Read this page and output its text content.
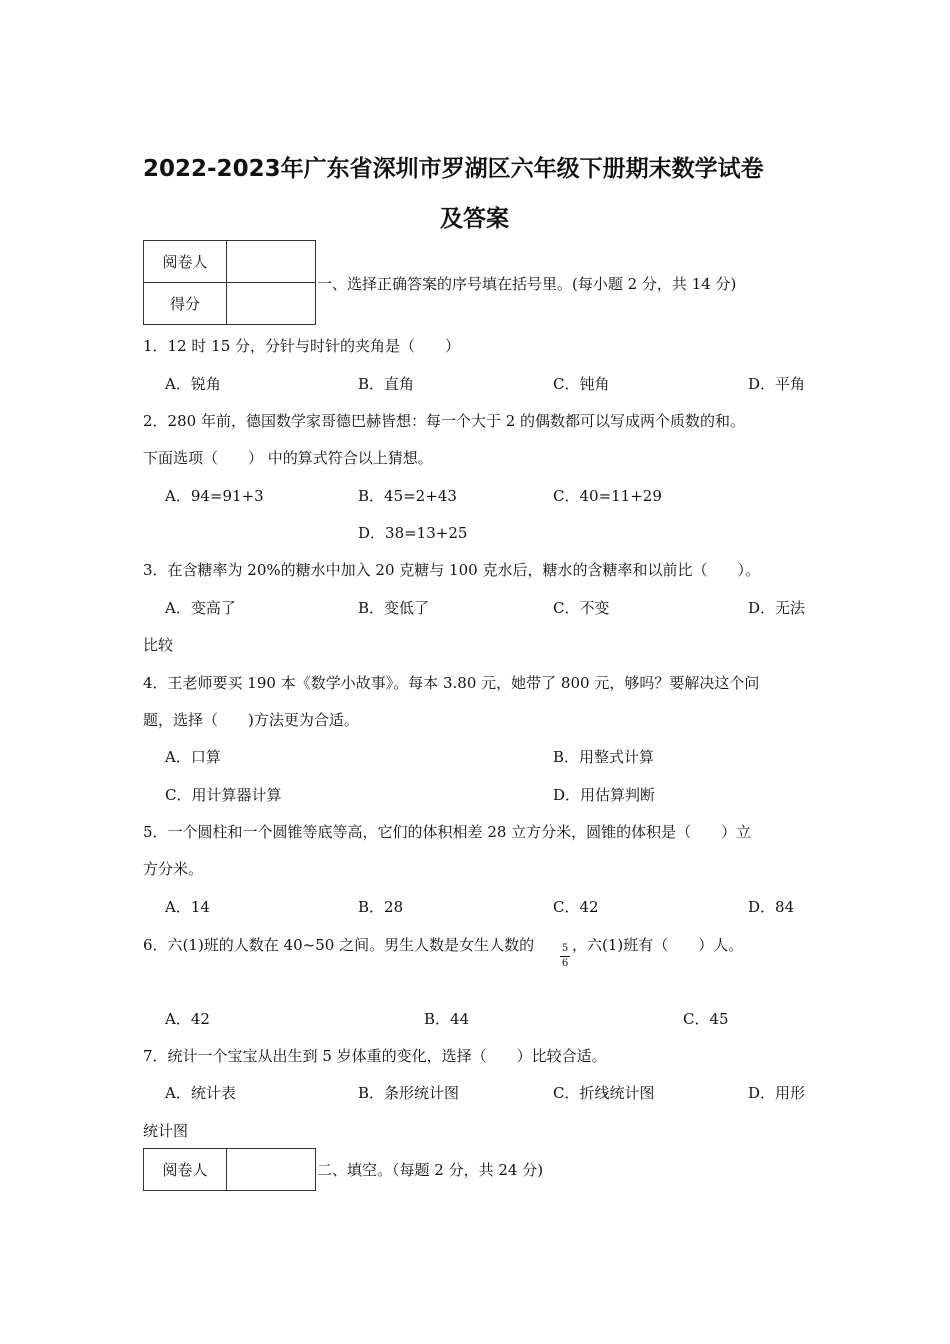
2022-2023年广东省深圳市罗湖区六年级下册期末数学试卷
及答案
阅卷人	
得分	
一、选择正确答案的序号填在括号里。(每小题 2 分，共 14 分)
1．12 时 15 分，分针与时针的夹角是（　　）
A．锐角	B．直角	C．钝角	D．平角
2．280 年前，德国数学家哥德巴赫皆想：每一个大于 2 的偶数都可以写成两个质数的和。
下面选项（　　） 中的算式符合以上猜想。
A．94=91+3	B．45=2+43	C．40=11+29
D．38=13+25
3．在含糖率为 20%的糖水中加入 20 克糖与 100 克水后，糖水的含糖率和以前比（　　）。
A．变高了	B．变低了	C．不变	D．无法
比较
4．王老师要买 190 本《数学小故事》。每本 3.80 元，她带了 800 元，够吗？要解决这个问
题，选择（　　)方法更为合适。
A．口算	B．用整式计算
C．用计算器计算	D．用估算判断
5．一个圆柱和一个圆锥等底等高，它们的体积相差 28 立方分米，圆锥的体积是（　　）立
方分米。
A．14	B．28	C．42	D．84
6．六(1)班的人数在 40~50 之间。男生人数是女生人数的	5
6
，六(1)班有（　　）人。
A．42	B．44	C．45
7．统计一个宝宝从出生到 5 岁体重的变化，选择（　　）比较合适。
A．统计表	B．条形统计图	C．折线统计图	D．用形
统计图
阅卷人		二、填空。（每题 2 分，共 24 分)
